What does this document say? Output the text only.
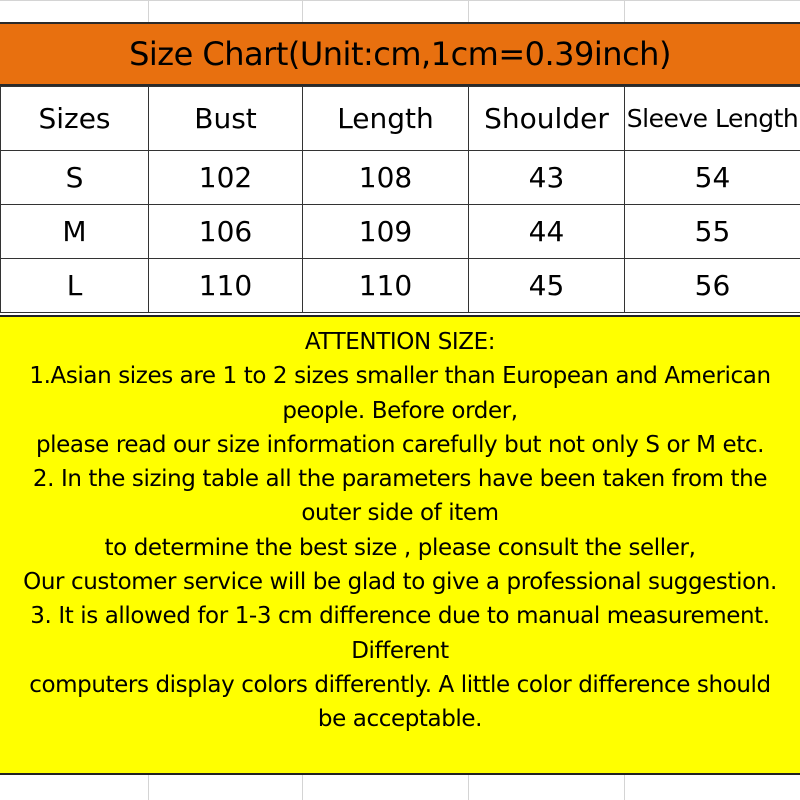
Size Chart(Unit:cm,1cm=0.39inch)
Sizes	Bust	Length	Shoulder	Sleeve Length
S	102	108	43	54
M	106	109	44	55
L	110	110	45	56

ATTENTION SIZE:

1.Asian sizes are 1 to 2 sizes smaller than European and American

people. Before order,

please read our size information carefully but not only S or M etc.

2. In the sizing table all the parameters have been taken from the

outer side of item

to determine the best size , please consult the seller,

Our customer service will be glad to give a professional suggestion.

3. It is allowed for 1-3 cm difference due to manual measurement.

Different

computers display colors differently. A little color difference should

be acceptable.
